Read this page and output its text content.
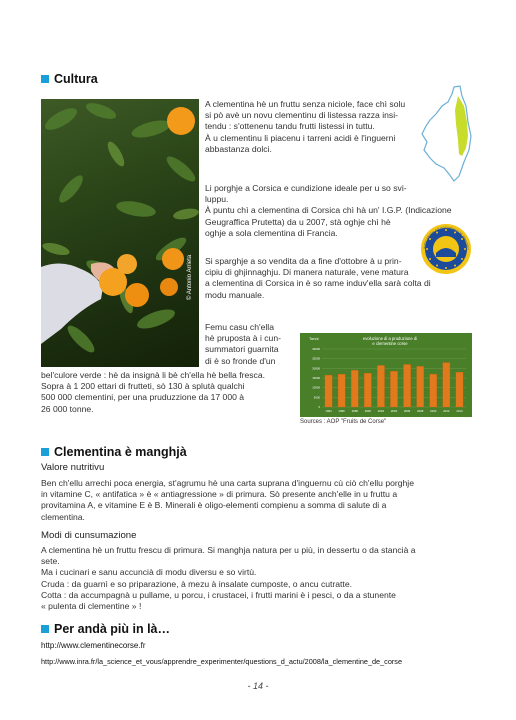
Cultura
© Antonio Arrieta
A clementina hè un fruttu senza niciole, face chì solu
si pò avè un novu clementinu di listessa razza insi-
tendu : s'ottenenu tandu frutti listessi in tuttu.
À u clementinu li piacenu i tarreni acidi è l'inguerni
abbastanza dolci.
Li porghje a Corsica e cundizione ideale per u so svi-
luppu.
À puntu chì a clementina di Corsica chì hà un' I.G.P. (Indicazione
Geugraffica Prutetta) da u 2007, stà oghje chì hè
oghje a sola clementina di Francia.
INDICATION GÉOGRAPHIQUE PROTÉG
Si sparghje a so vendita da a fine d'ottobre à u prin-
cipiu di ghjinnaghju. Di manera naturale, vene matura
a clementina di Corsica in è so rame induv'ella sarà colta di
modu manuale.
Femu casu ch'ella
hè pruposta à i cun-
summatori guarnita
di è so fronde d'un
bel'culore verde : hè da insignà li bè ch'ella hè bella fresca.
Sopra à 1 200 ettari di frutteti, sò 130 à splutà qualchi
500 000 clementini, per una pruduzzione da 17 000 à
26 000 tonne.
Tonni	evoluzione di a pruduzione di e clementine corse
1994 1996 1998 2000 2002 2004 2006 2008 2010 2012 2014
0
5000
10000
15000
20000
25000
30000
Sources : AOP "Fruits de Corse"
Clementina è manghjà
Valore nutritivu
Ben ch'ellu arrechi poca energia, st'agrumu hè una carta suprana d'inguernu cù ciò ch'ellu porghje
in vitamine C, « antifatica » è « antiagressione » di primura. Sò presente anch'elle in u fruttu a
provitamina A, e vitamine E è B. Minerali è oligo-elementi compienu a somma di salute di a
clementina.
Modi di cunsumazione
A clementina hè un fruttu frescu di primura. Si manghja natura per u più, in dessertu o da stancià a
sete.
Ma i cucinari e sanu accuncià di modu diversu e so virtù.
Cruda : da guarnì e so priparazione, à mezu à insalate cumposte, o ancu cutratte.
Cotta : da accumpagnà u pullame, u porcu, i crustacei, i frutti marini è i pesci, o da a stunente
« pulenta di clementine » !
Per andà più in là…
http://www.clementinecorse.fr
http://www.inra.fr/la_science_et_vous/apprendre_experimenter/questions_d_actu/2008/la_clementine_de_corse
- 14 -
